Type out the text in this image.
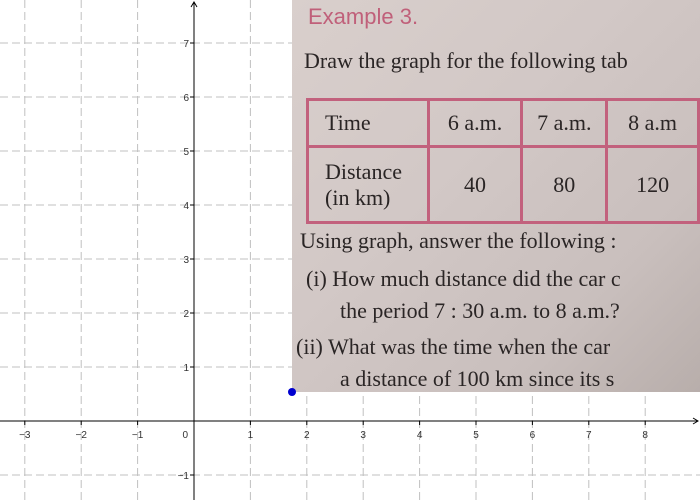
−3	−2	−1	0	1	2	3	4	5	6	7	8
7
6
5
4
3
2
1
−1
Example 3.
Draw the graph for the following tab
Time	6 a.m.	7 a.m.	8 a.m
Distance
(in km)	40	80	120
Using graph, answer the following :
(i) How much distance did the car c
the period 7 : 30 a.m. to 8 a.m.?
(ii) What was the time when the car
a distance of 100 km since its s
